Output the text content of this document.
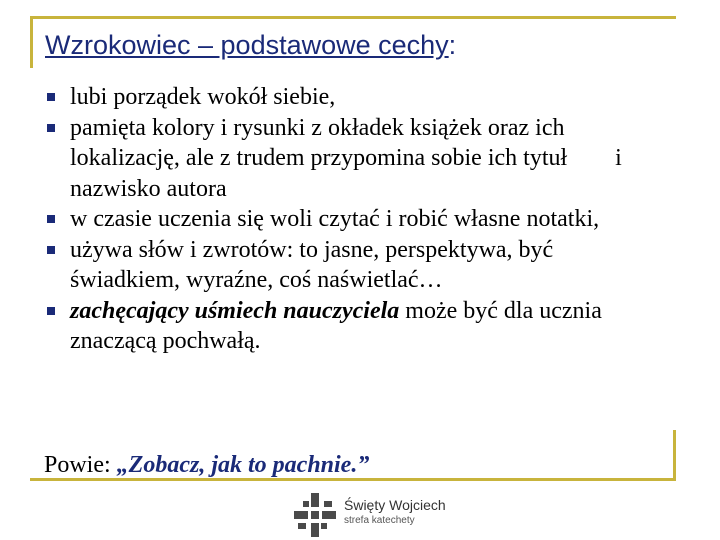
Wzrokowiec – podstawowe cechy:
lubi porządek wokół siebie,
pamięta kolory i rysunki z okładek książek oraz ich lokalizację, ale z trudem przypomina sobie ich tytuł        i nazwisko autora
w czasie uczenia się woli czytać i robić własne notatki,
używa słów i zwrotów: to jasne, perspektywa, być świadkiem, wyraźne, coś naświetlać…
zachęcający uśmiech nauczyciela może być dla ucznia znaczącą pochwałą.
Powie: „Zobacz, jak to pachnie.”
Święty Wojciech
strefa katechety
